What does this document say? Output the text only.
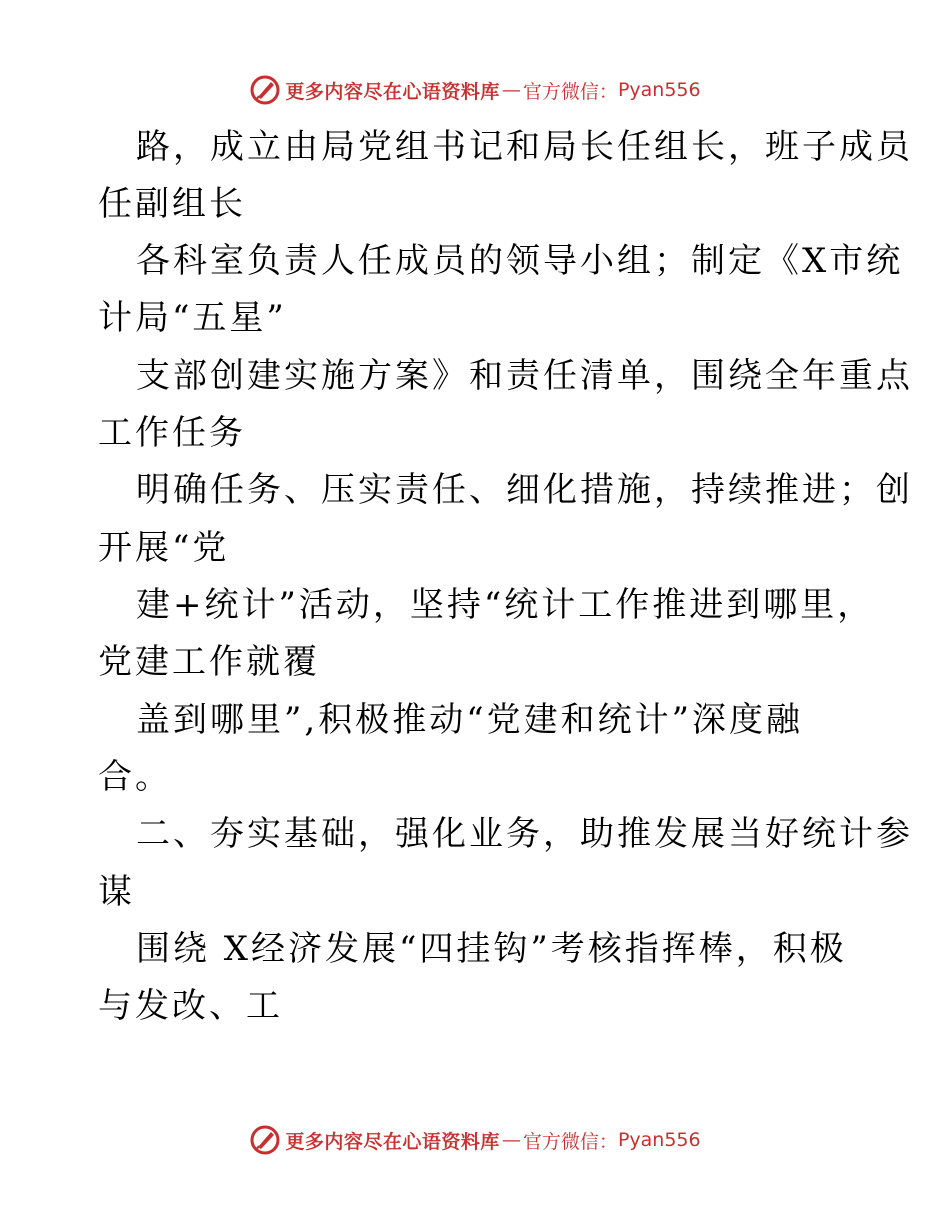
更多内容尽在心语资料库 — 官方微信： Pyan556
路，成立由局党组书记和局长任组长，班子成员
任副组长
各科室负责人任成员的领导小组；制定《X市统
计局“五星”
支部创建实施方案》和责任清单，围绕全年重点
工作任务
明确任务、压实责任、细化措施，持续推进；创
开展“党
建+统计”活动，坚持“统计工作推进到哪里，
党建工作就覆
盖到哪里”,积极推动“党建和统计”深度融
合。
二、夯实基础，强化业务，助推发展当好统计参
谋
围绕 X经济发展“四挂钩”考核指挥棒，积极
与发改、工
更多内容尽在心语资料库 — 官方微信： Pyan556
